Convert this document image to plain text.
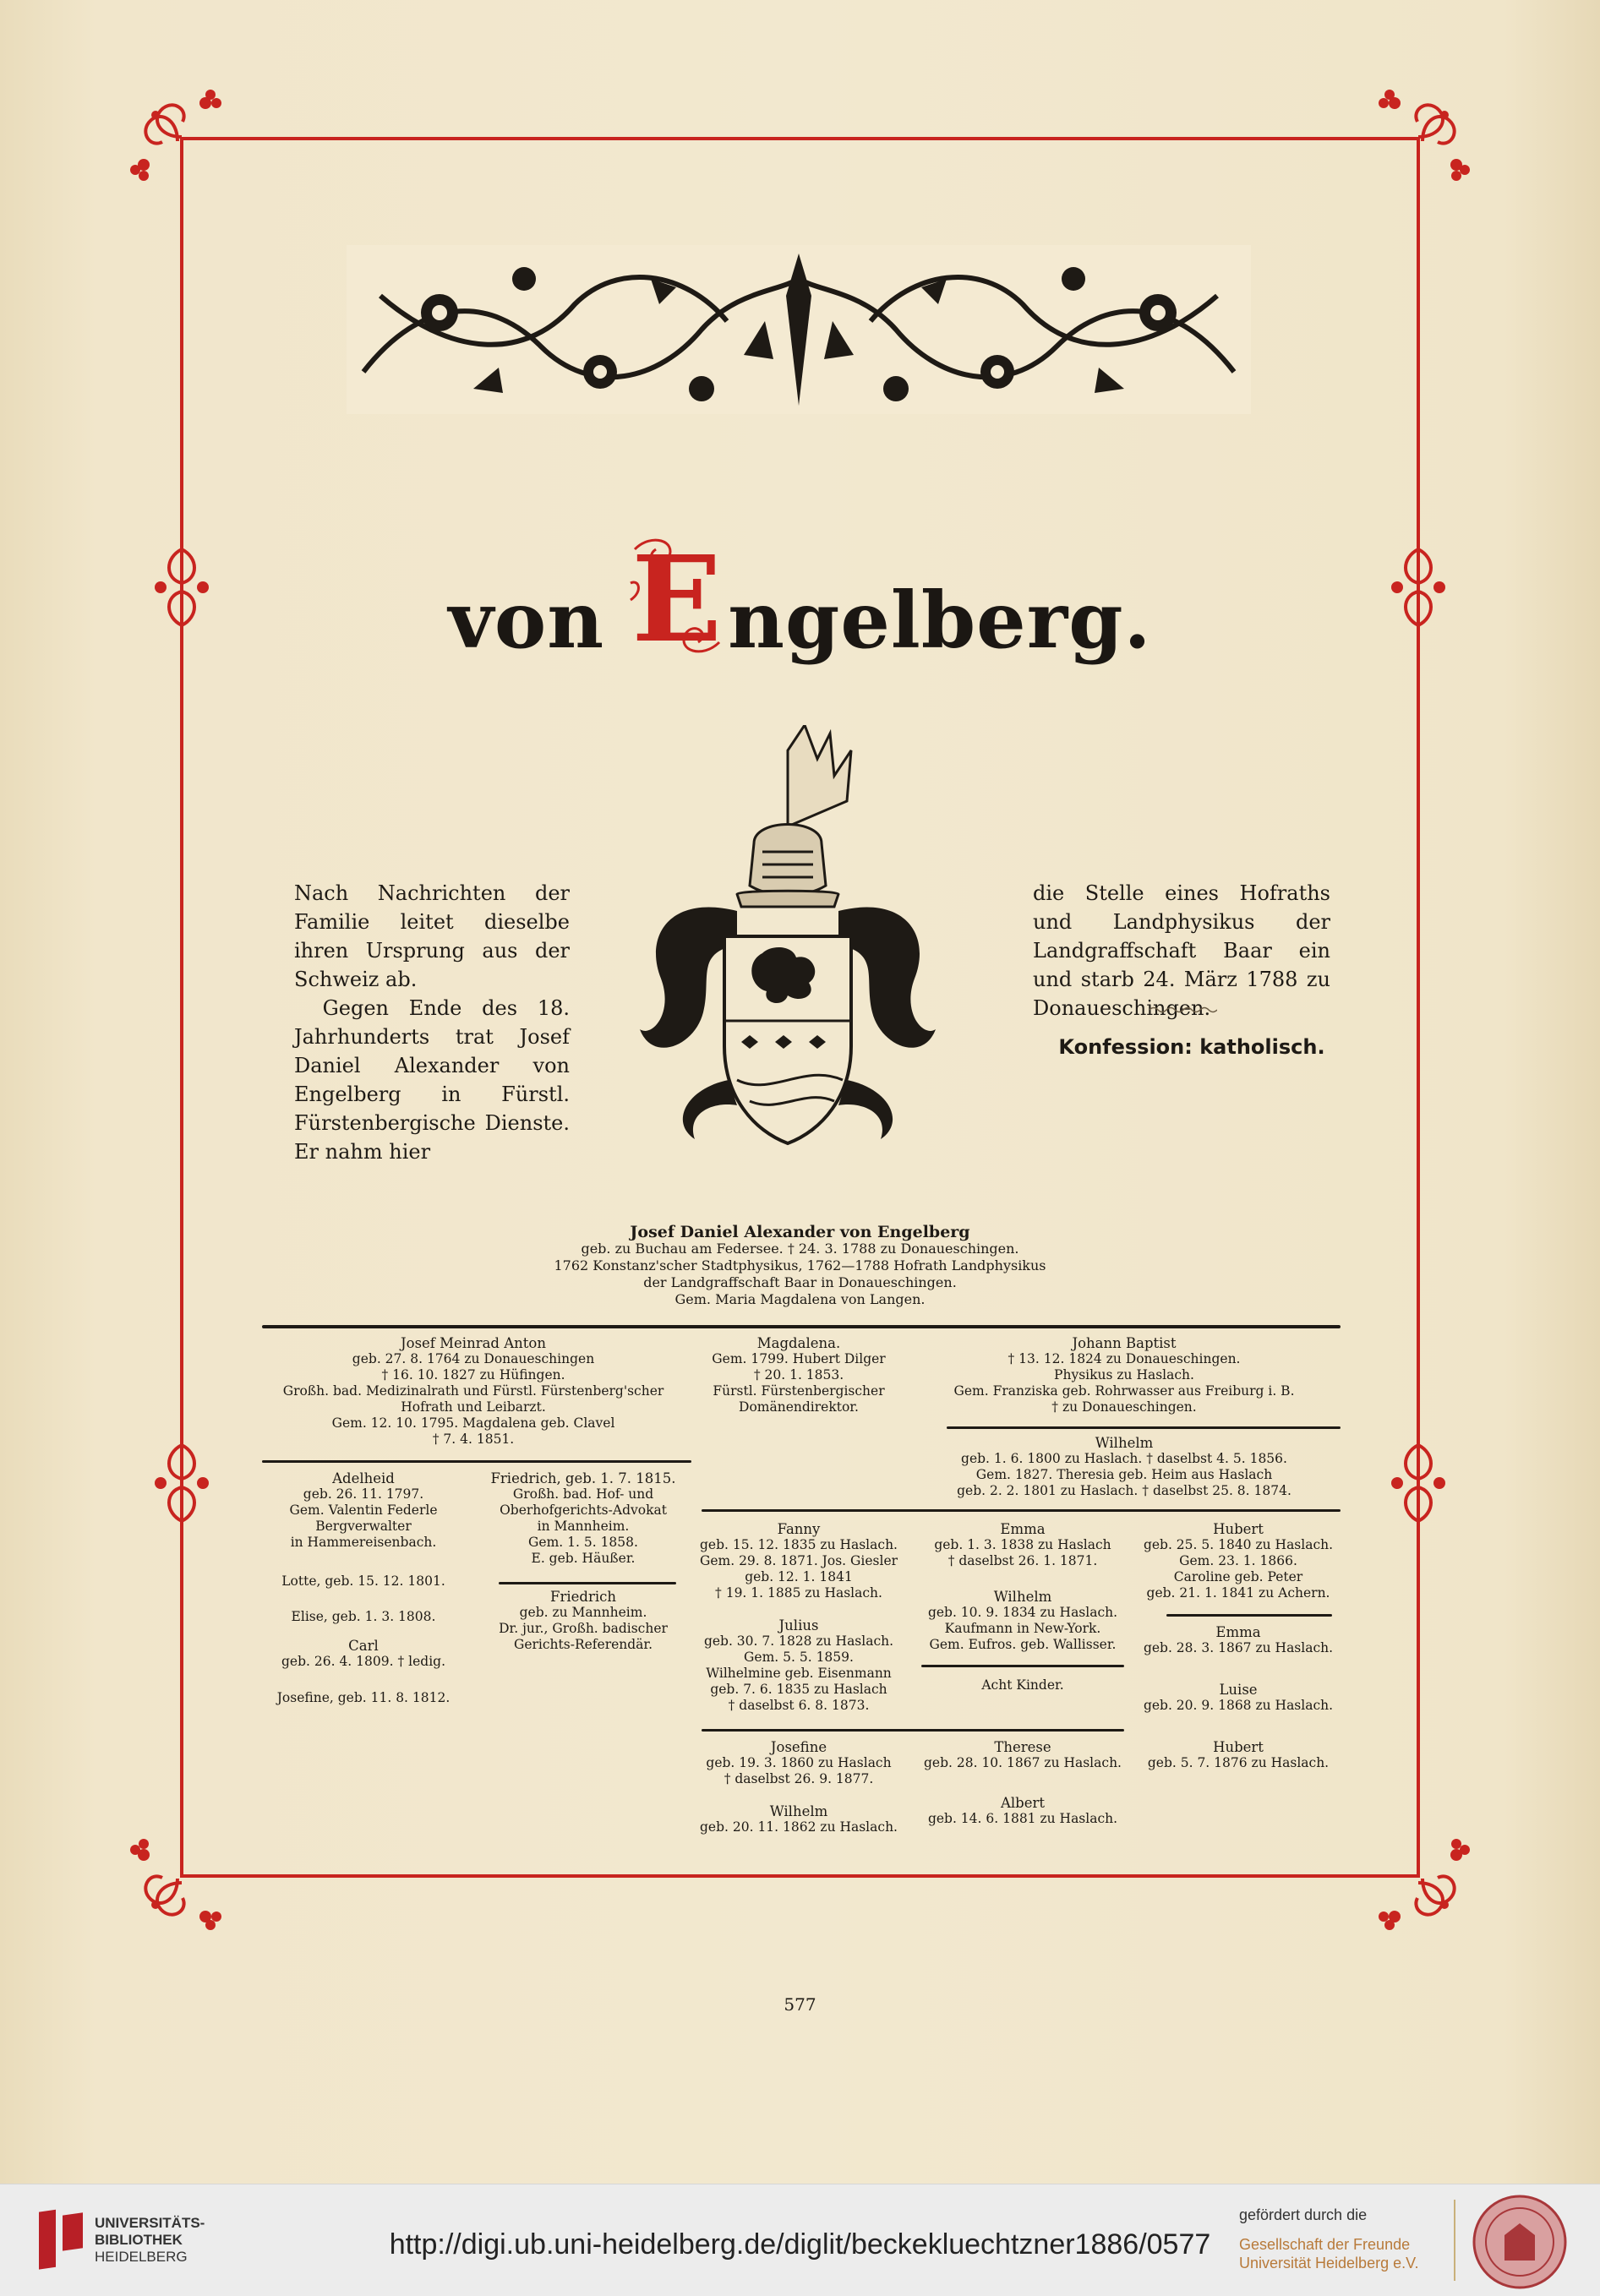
von E ngelberg.

Nach Nachrichten der Familie leitet dieselbe ihren Ursprung aus der Schweiz ab.

Gegen Ende des 18. Jahrhunderts trat Josef Daniel Alexander von Engelberg in Fürstl. Fürstenbergische Dienste. Er nahm hier

die Stelle eines Hofraths und Landphysikus der Landgraffschaft Baar ein und starb 24. März 1788 zu Donaueschingen.
Konfession: katholisch.
Josef Daniel Alexander von Engelberg
geb. zu Buchau am Federsee. † 24. 3. 1788 zu Donaueschingen.
1762 Konstanz'scher Stadtphysikus, 1762—1788 Hofrath Landphysikus
der Landgraffschaft Baar in Donaueschingen.
Gem. Maria Magdalena von Langen.
Josef Meinrad Anton
geb. 27. 8. 1764 zu Donaueschingen
† 16. 10. 1827 zu Hüfingen.
Großh. bad. Medizinalrath und Fürstl. Fürstenberg'scher
Hofrath und Leibarzt.
Gem. 12. 10. 1795. Magdalena geb. Clavel
† 7. 4. 1851.
Magdalena.
Gem. 1799. Hubert Dilger
† 20. 1. 1853.
Fürstl. Fürstenbergischer
Domänendirektor.
Johann Baptist
† 13. 12. 1824 zu Donaueschingen.
Physikus zu Haslach.
Gem. Franziska geb. Rohrwasser aus Freiburg i. B.
† zu Donaueschingen.
Adelheid
geb. 26. 11. 1797.
Gem. Valentin Federle
Bergverwalter
in Hammereisenbach.
Lotte, geb. 15. 12. 1801.
Elise, geb. 1. 3. 1808.
Carl
geb. 26. 4. 1809. † ledig.
Josefine, geb. 11. 8. 1812.
Friedrich, geb. 1. 7. 1815.
Großh. bad. Hof- und
Oberhofgerichts-Advokat
in Mannheim.
Gem. 1. 5. 1858.
E. geb. Häußer.
Friedrich
geb. zu Mannheim.
Dr. jur., Großh. badischer
Gerichts-Referendär.
Wilhelm
geb. 1. 6. 1800 zu Haslach. † daselbst 4. 5. 1856.
Gem. 1827. Theresia geb. Heim aus Haslach
geb. 2. 2. 1801 zu Haslach. † daselbst 25. 8. 1874.
Fanny
geb. 15. 12. 1835 zu Haslach.
Gem. 29. 8. 1871. Jos. Giesler
geb. 12. 1. 1841
† 19. 1. 1885 zu Haslach.
Julius
geb. 30. 7. 1828 zu Haslach.
Gem. 5. 5. 1859.
Wilhelmine geb. Eisenmann
geb. 7. 6. 1835 zu Haslach
† daselbst 6. 8. 1873.
Emma
geb. 1. 3. 1838 zu Haslach
† daselbst 26. 1. 1871.
Wilhelm
geb. 10. 9. 1834 zu Haslach.
Kaufmann in New-York.
Gem. Eufros. geb. Wallisser.
Acht Kinder.
Hubert
geb. 25. 5. 1840 zu Haslach.
Gem. 23. 1. 1866.
Caroline geb. Peter
geb. 21. 1. 1841 zu Achern.
Josefine
geb. 19. 3. 1860 zu Haslach
† daselbst 26. 9. 1877.
Wilhelm
geb. 20. 11. 1862 zu Haslach.
Therese
geb. 28. 10. 1867 zu Haslach.
Albert
geb. 14. 6. 1881 zu Haslach.
Emma
geb. 28. 3. 1867 zu Haslach.
Luise
geb. 20. 9. 1868 zu Haslach.
Hubert
geb. 5. 7. 1876 zu Haslach.
577
UNIVERSITÄTS-
BIBLIOTHEK
HEIDELBERG	http://digi.ub.uni-heidelberg.de/diglit/beckekluechtzner1886/0577
gefördert durch die
Gesellschaft der Freunde
Universität Heidelberg e.V.
